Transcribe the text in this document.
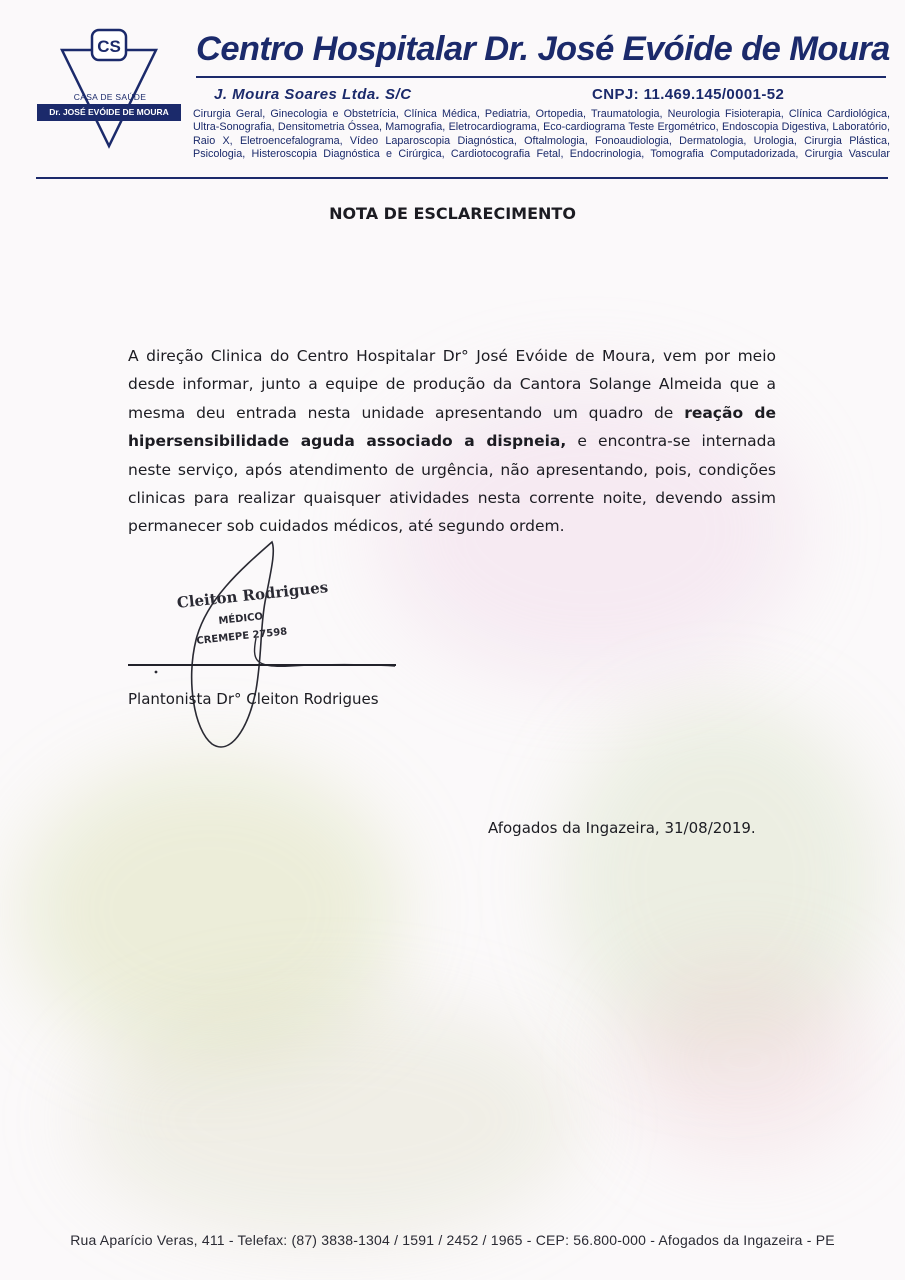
CS
CASA DE SAÚDE
Dr. JOSÉ EVÓIDE DE MOURA
Centro Hospitalar Dr. José Evóide de Moura
J. Moura Soares Ltda. S/C	CNPJ: 11.469.145/0001-52
Cirurgia Geral, Ginecologia e Obstetrícia, Clínica Médica, Pediatria, Ortopedia, Traumatologia, Neurologia Fisioterapia, Clínica Cardiológica, Ultra-Sonografia, Densitometria Óssea, Mamografia, Eletrocardiograma, Eco-cardiograma Teste Ergométrico, Endoscopia Digestiva, Laboratório, Raio X, Eletroencefalograma, Vídeo Laparoscopia Diagnóstica, Oftalmologia, Fonoaudiologia, Dermatologia, Urologia, Cirurgia Plástica, Psicologia, Histeroscopia Diagnóstica e Cirúrgica, Cardiotocografia Fetal, Endocrinologia, Tomografia Computadorizada, Cirurgia Vascular
NOTA DE ESCLARECIMENTO
A direção Clinica do Centro Hospitalar Dr° José Evóide de Moura, vem por meio desde informar, junto a equipe de produção da Cantora Solange Almeida que a mesma deu entrada nesta unidade apresentando um quadro de reação de hipersensibilidade aguda associado a dispneia, e encontra-se internada neste serviço, após atendimento de urgência, não apresentando, pois, condições clinicas para realizar quaisquer atividades nesta corrente noite, devendo assim permanecer sob cuidados médicos, até segundo ordem.
Cleiton Rodrigues
MÉDICO
CREMEPE 27598
Plantonista Dr° Cleiton Rodrigues
Afogados da Ingazeira, 31/08/2019.
Rua Aparício Veras, 411 - Telefax: (87) 3838-1304 / 1591 / 2452 / 1965 - CEP: 56.800-000 - Afogados da Ingazeira - PE
